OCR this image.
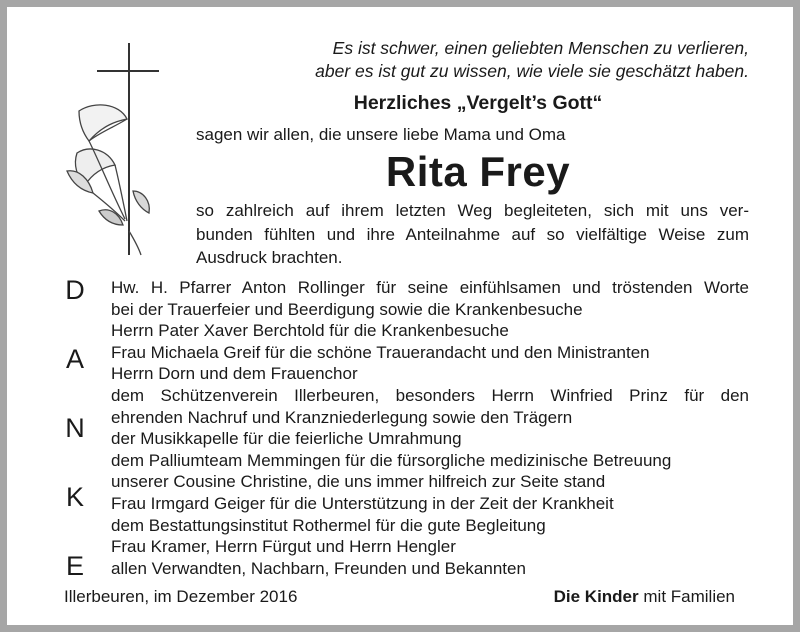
Es ist schwer, einen geliebten Menschen zu verlieren,
aber es ist gut zu wissen, wie viele sie geschätzt haben.
Herzliches „Vergelt’s Gott“
sagen wir allen, die unsere liebe Mama und Oma
Rita Frey
so zahlreich auf ihrem letzten Weg begleiteten, sich mit uns ver-
bunden fühlten und ihre Anteilnahme auf so vielfältige Weise zum
Ausdruck brachten.
D
A
N
K
E
Hw. H. Pfarrer Anton Rollinger für seine einfühlsamen und tröstenden Worte
bei der Trauerfeier und Beerdigung sowie die Krankenbesuche
Herrn Pater Xaver Berchtold für die Krankenbesuche
Frau Michaela Greif für die schöne Trauerandacht und den Ministranten
Herrn Dorn und dem Frauenchor
dem Schützenverein Illerbeuren, besonders Herrn Winfried Prinz für den
ehrenden Nachruf und Kranzniederlegung sowie den Trägern
der Musikkapelle für die feierliche Umrahmung
dem Palliumteam Memmingen für die fürsorgliche medizinische Betreuung
unserer Cousine Christine, die uns immer hilfreich zur Seite stand
Frau Irmgard Geiger für die Unterstützung in der Zeit der Krankheit
dem Bestattungsinstitut Rothermel für die gute Begleitung
Frau Kramer, Herrn Fürgut und Herrn Hengler
allen Verwandten, Nachbarn, Freunden und Bekannten
Illerbeuren, im Dezember 2016	Die Kinder mit Familien
